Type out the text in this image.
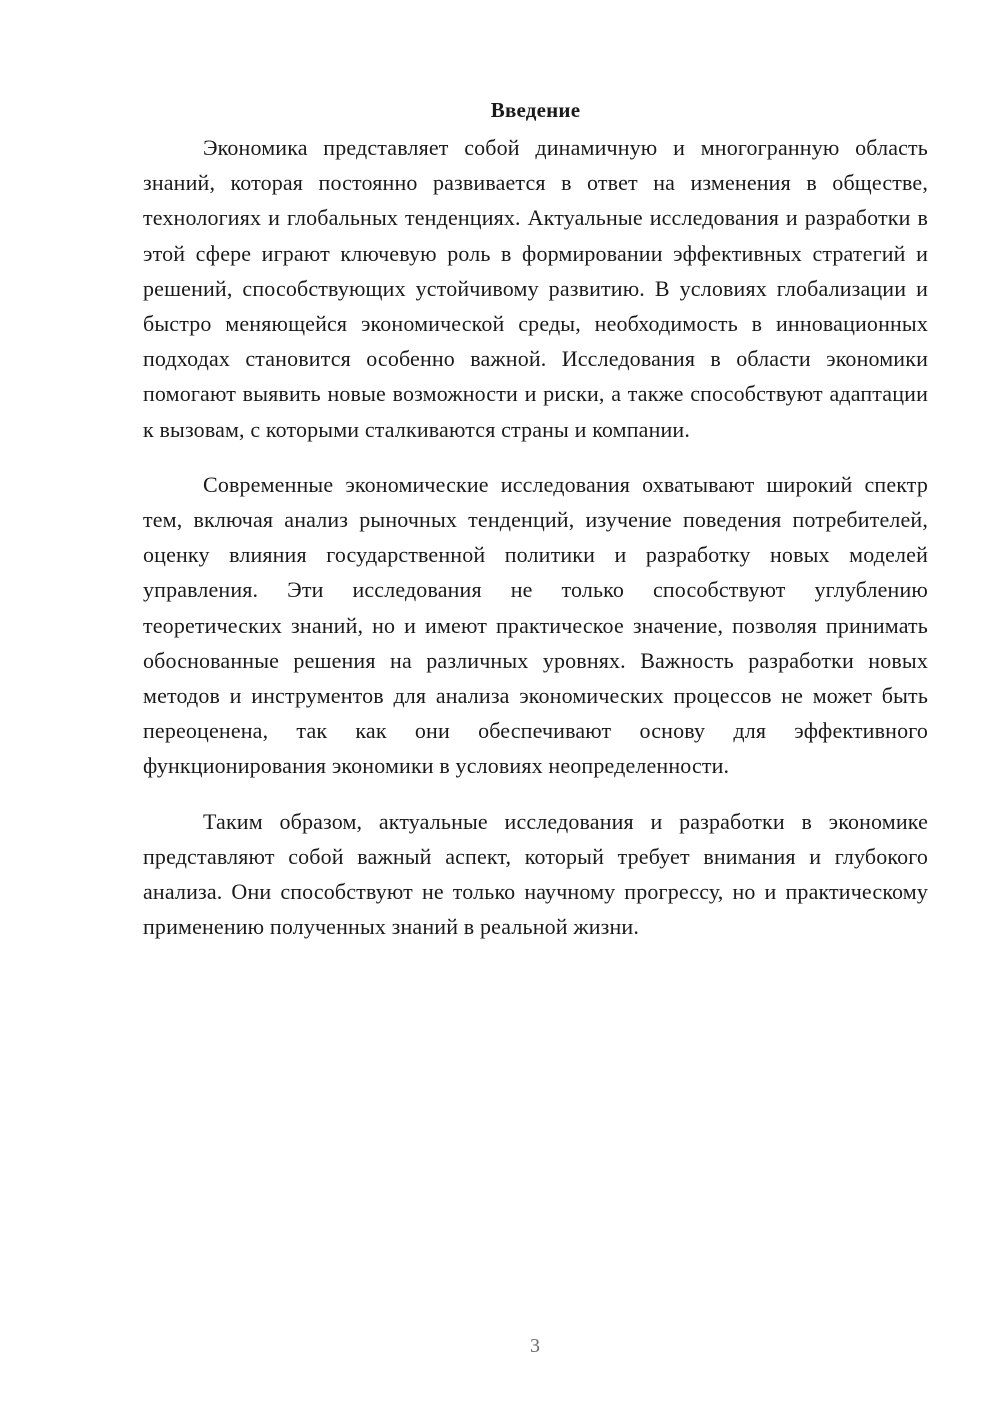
Введение

Экономика представляет собой динамичную и многогранную область знаний, которая постоянно развивается в ответ на изменения в обществе, технологиях и глобальных тенденциях. Актуальные исследования и разработки в этой сфере играют ключевую роль в формировании эффективных стратегий и решений, способствующих устойчивому развитию. В условиях глобализации и быстро меняющейся экономической среды, необходимость в инновационных подходах становится особенно важной. Исследования в области экономики помогают выявить новые возможности и риски, а также способствуют адаптации к вызовам, с которыми сталкиваются страны и компании.

Современные экономические исследования охватывают широкий спектр тем, включая анализ рыночных тенденций, изучение поведения потребителей, оценку влияния государственной политики и разработку новых моделей управления. Эти исследования не только способствуют углублению теоретических знаний, но и имеют практическое значение, позволяя принимать обоснованные решения на различных уровнях. Важность разработки новых методов и инструментов для анализа экономических процессов не может быть переоценена, так как они обеспечивают основу для эффективного функционирования экономики в условиях неопределенности.

Таким образом, актуальные исследования и разработки в экономике представляют собой важный аспект, который требует внимания и глубокого анализа. Они способствуют не только научному прогрессу, но и практическому применению полученных знаний в реальной жизни.

3
